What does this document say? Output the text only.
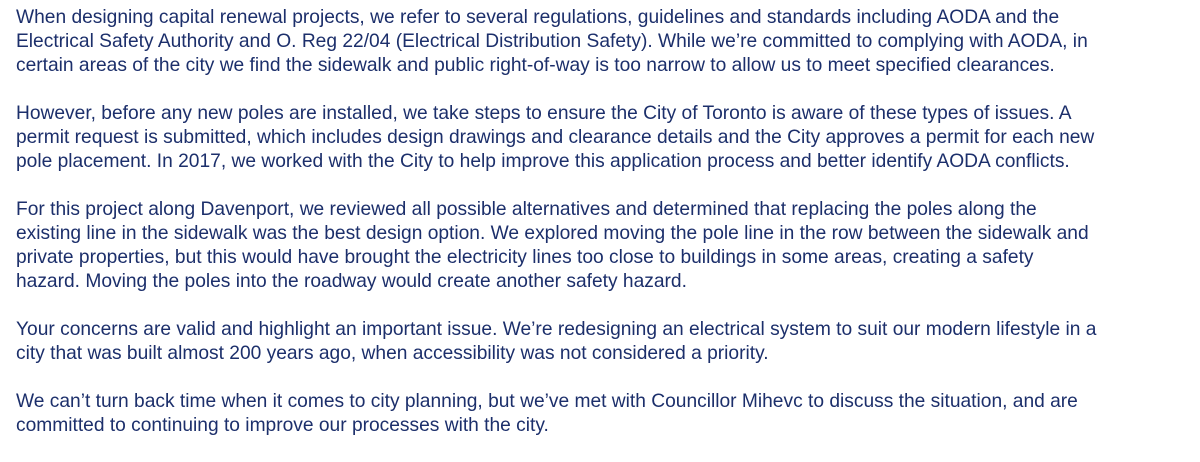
When designing capital renewal projects, we refer to several regulations, guidelines and standards including AODA and the
Electrical Safety Authority and O. Reg 22/04 (Electrical Distribution Safety). While we’re committed to complying with AODA, in
certain areas of the city we find the sidewalk and public right-of-way is too narrow to allow us to meet specified clearances.

However, before any new poles are installed, we take steps to ensure the City of Toronto is aware of these types of issues. A
permit request is submitted, which includes design drawings and clearance details and the City approves a permit for each new
pole placement. In 2017, we worked with the City to help improve this application process and better identify AODA conflicts.

For this project along Davenport, we reviewed all possible alternatives and determined that replacing the poles along the
existing line in the sidewalk was the best design option. We explored moving the pole line in the row between the sidewalk and
private properties, but this would have brought the electricity lines too close to buildings in some areas, creating a safety
hazard. Moving the poles into the roadway would create another safety hazard.

Your concerns are valid and highlight an important issue. We’re redesigning an electrical system to suit our modern lifestyle in a
city that was built almost 200 years ago, when accessibility was not considered a priority.

We can’t turn back time when it comes to city planning, but we’ve met with Councillor Mihevc to discuss the situation, and are
committed to continuing to improve our processes with the city.
